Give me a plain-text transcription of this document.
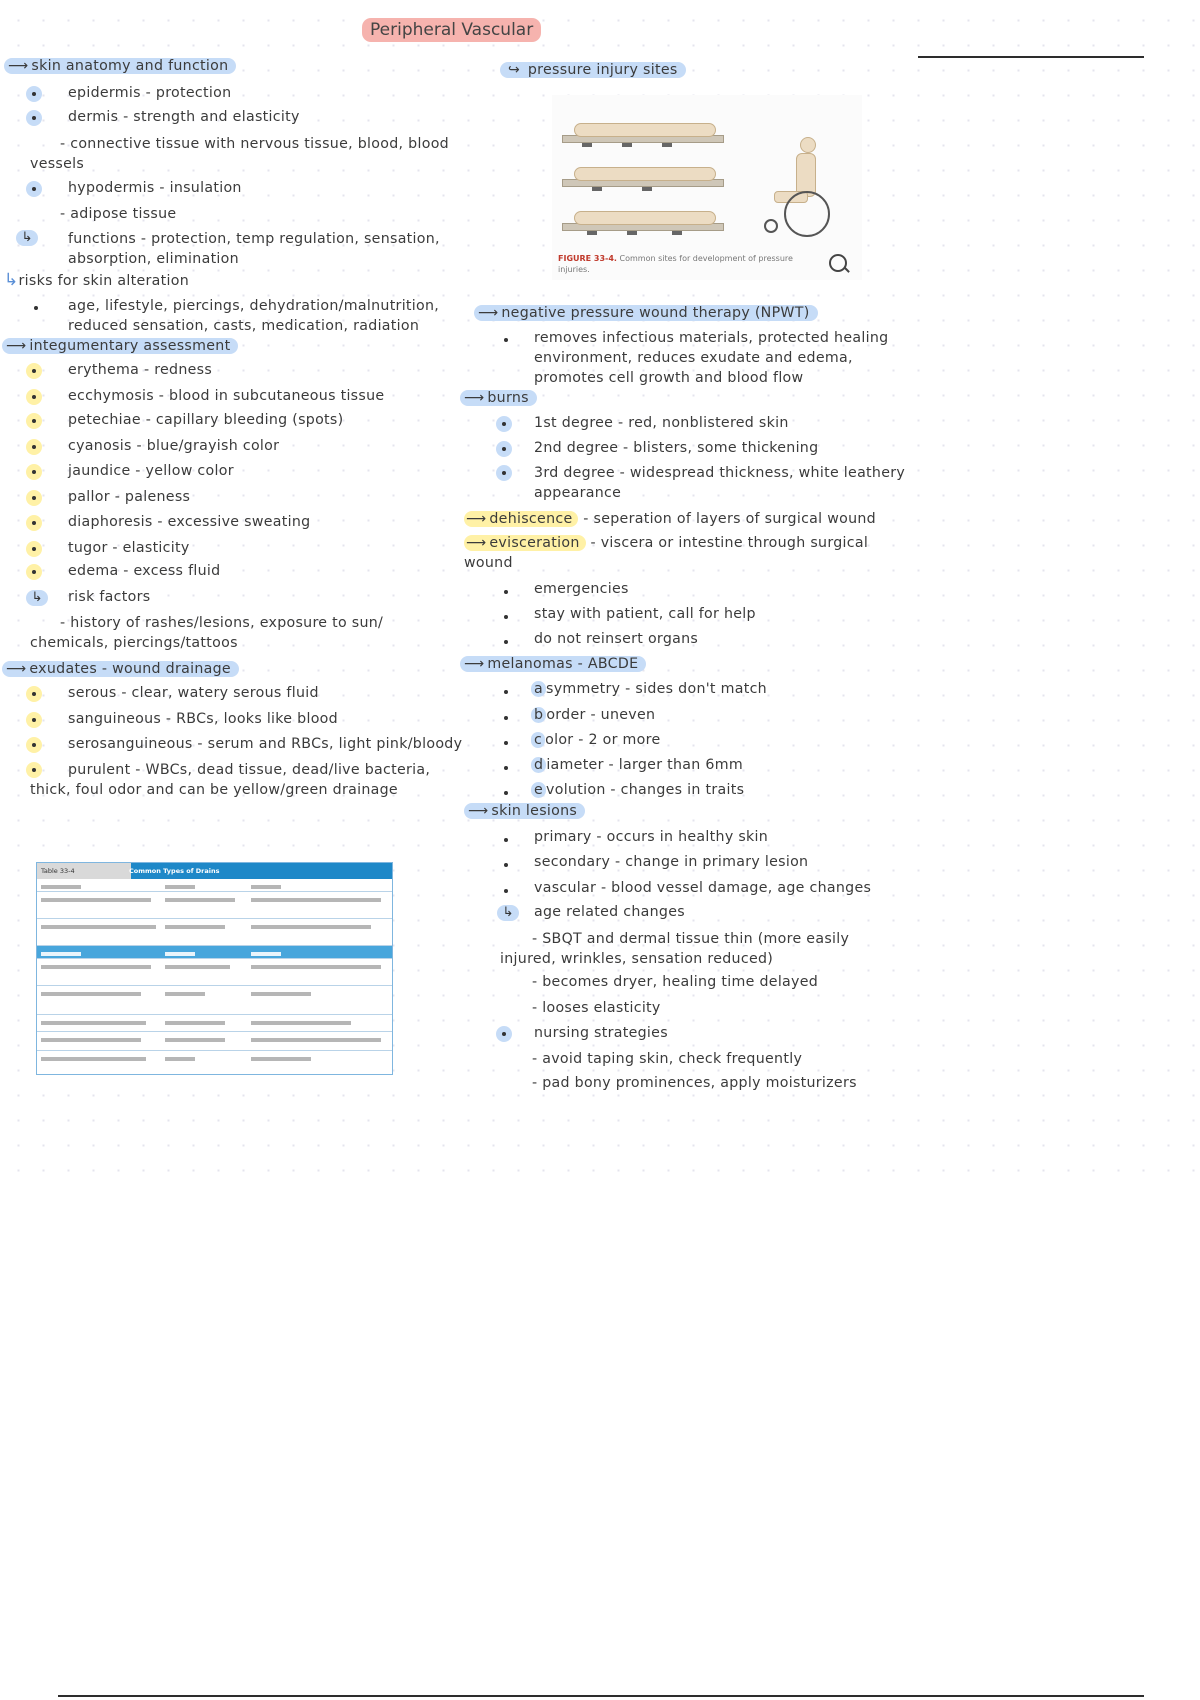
Peripheral Vascular
⟶ skin anatomy and function
epidermis - protection
dermis - strength and elasticity
- connective tissue with nervous tissue, blood, blood vessels
hypodermis - insulation
- adipose tissue
↳	functions - protection, temp regulation, sensation, absorption, elimination
↳risks for skin alteration
age, lifestyle, piercings, dehydration/malnutrition, reduced sensation, casts, medication, radiation
⟶ integumentary assessment
erythema - redness
ecchymosis - blood in subcutaneous tissue
petechiae - capillary bleeding (spots)
cyanosis - blue/grayish color
jaundice - yellow color
pallor - paleness
diaphoresis - excessive sweating
tugor - elasticity
edema - excess fluid
↳	risk factors
- history of rashes/lesions, exposure to sun/ chemicals, piercings/tattoos
⟶ exudates - wound drainage
serous - clear, watery serous fluid
sanguineous - RBCs, looks like blood
serosanguineous - serum and RBCs, light pink/bloody
purulent - WBCs, dead tissue, dead/live bacteria, thick, foul odor and can be yellow/green drainage
Table 33-4	Common Types of Drains
↪ pressure injury sites
FIGURE 33-4. Common sites for development of pressure injuries.
⟶ negative pressure wound therapy (NPWT)
removes infectious materials, protected healing environment, reduces exudate and edema, promotes cell growth and blood flow
⟶ burns
1st degree - red, nonblistered skin
2nd degree - blisters, some thickening
3rd degree - widespread thickness, white leathery appearance
⟶ dehiscence - seperation of layers of surgical wound
⟶ evisceration - viscera or intestine through surgical wound
emergencies
stay with patient, call for help
do not reinsert organs
⟶ melanomas - ABCDE
a symmetry - sides don't match
b order - uneven
c olor - 2 or more
d iameter - larger than 6mm
e volution - changes in traits
⟶ skin lesions
primary - occurs in healthy skin
secondary - change in primary lesion
vascular - blood vessel damage, age changes
↳	age related changes
- SBQT and dermal tissue thin (more easily injured, wrinkles, sensation reduced)
- becomes dryer, healing time delayed
- looses elasticity
nursing strategies
- avoid taping skin, check frequently
- pad bony prominences, apply moisturizers
